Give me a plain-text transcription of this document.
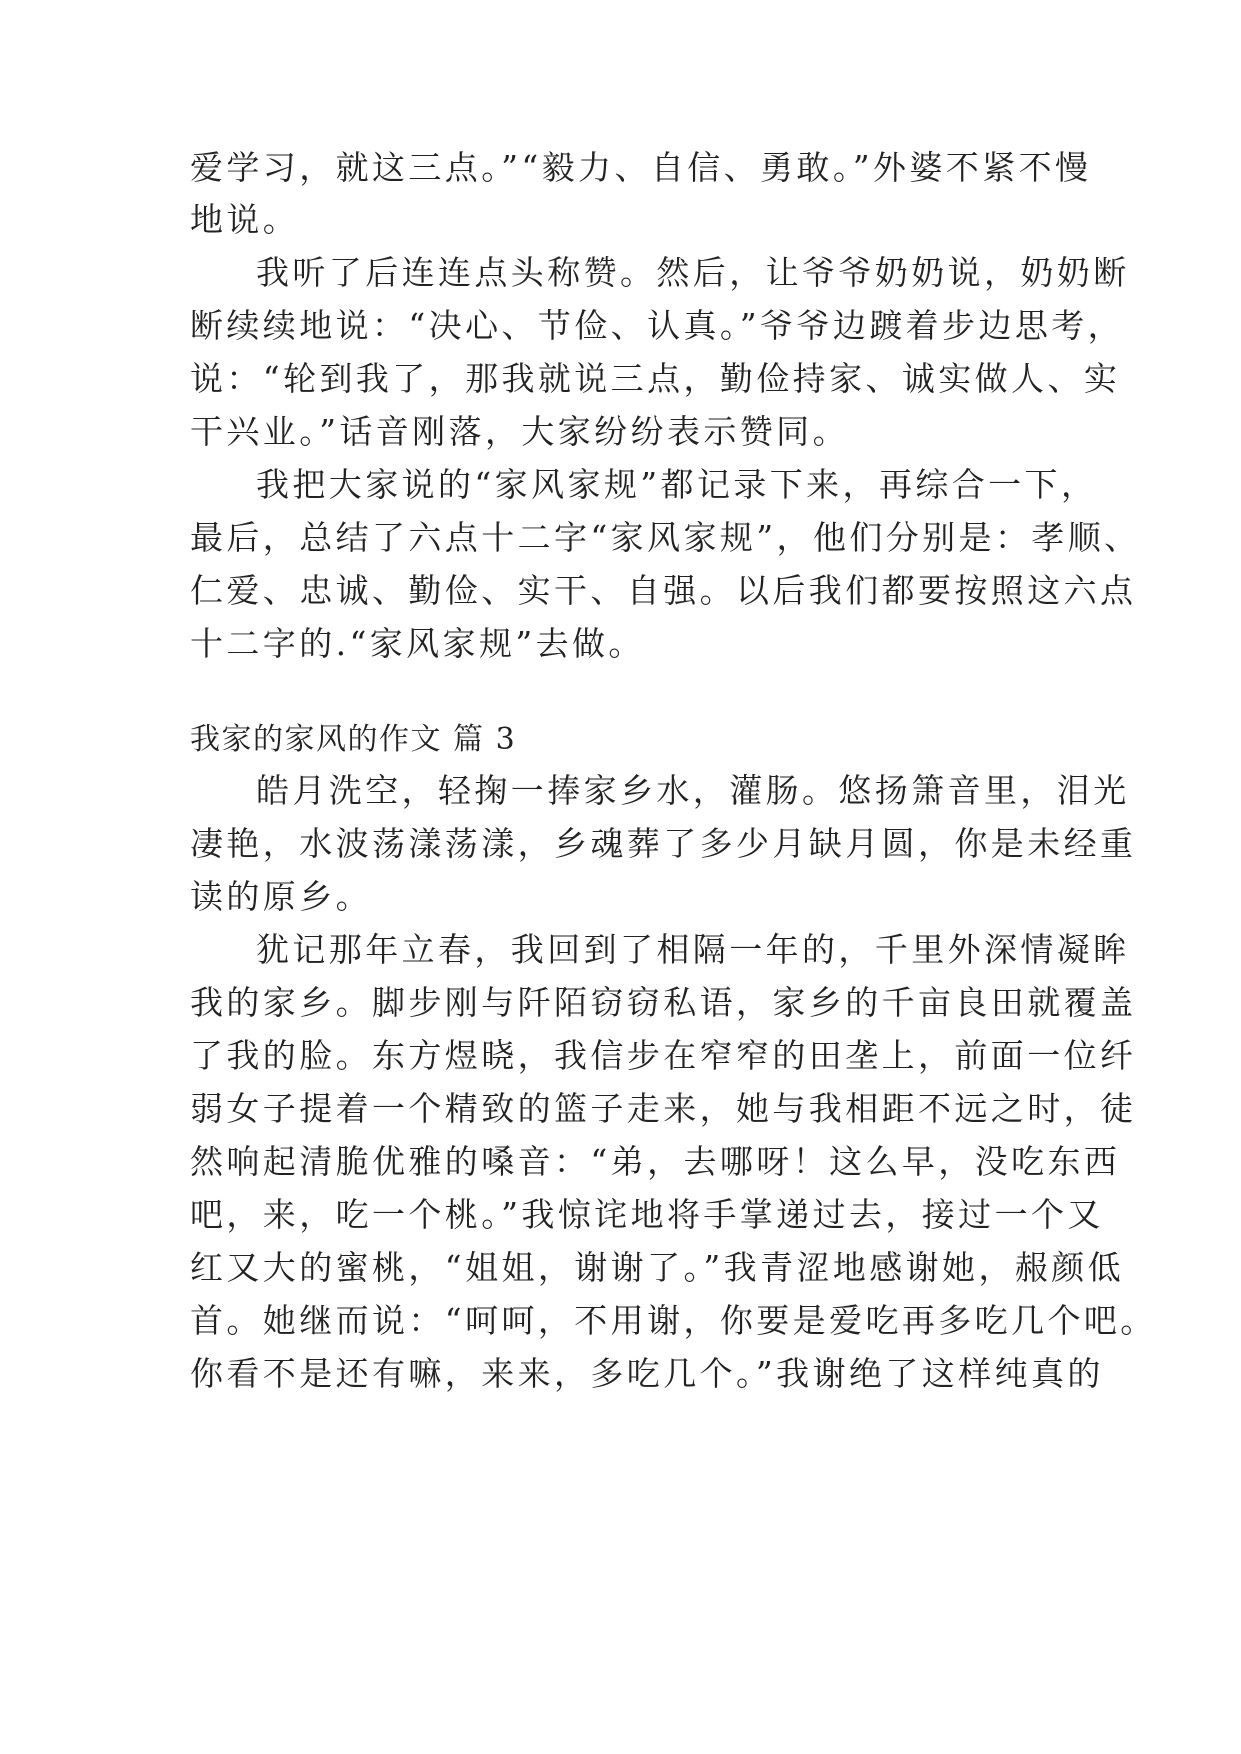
爱学习，就这三点。”“毅力、自信、勇敢。”外婆不紧不慢
地说。
我听了后连连点头称赞。然后，让爷爷奶奶说，奶奶断
断续续地说：“决心、节俭、认真。”爷爷边踱着步边思考，
说：“轮到我了，那我就说三点，勤俭持家、诚实做人、实
干兴业。”话音刚落，大家纷纷表示赞同。
我把大家说的“家风家规”都记录下来，再综合一下，
最后，总结了六点十二字“家风家规”，他们分别是：孝顺、
仁爱、忠诚、勤俭、实干、自强。以后我们都要按照这六点
十二字的.“家风家规”去做。
我家的家风的作文 篇 3
皓月洗空，轻掬一捧家乡水，灌肠。悠扬箫音里，泪光
凄艳，水波荡漾荡漾，乡魂葬了多少月缺月圆，你是未经重
读的原乡。
犹记那年立春，我回到了相隔一年的，千里外深情凝眸
我的家乡。脚步刚与阡陌窃窃私语，家乡的千亩良田就覆盖
了我的脸。东方煜晓，我信步在窄窄的田垄上，前面一位纤
弱女子提着一个精致的篮子走来，她与我相距不远之时，徒
然响起清脆优雅的嗓音：“弟，去哪呀！这么早，没吃东西
吧，来，吃一个桃。”我惊诧地将手掌递过去，接过一个又
红又大的蜜桃，“姐姐，谢谢了。”我青涩地感谢她，赧颜低
首。她继而说：“呵呵，不用谢，你要是爱吃再多吃几个吧。
你看不是还有嘛，来来，多吃几个。”我谢绝了这样纯真的
